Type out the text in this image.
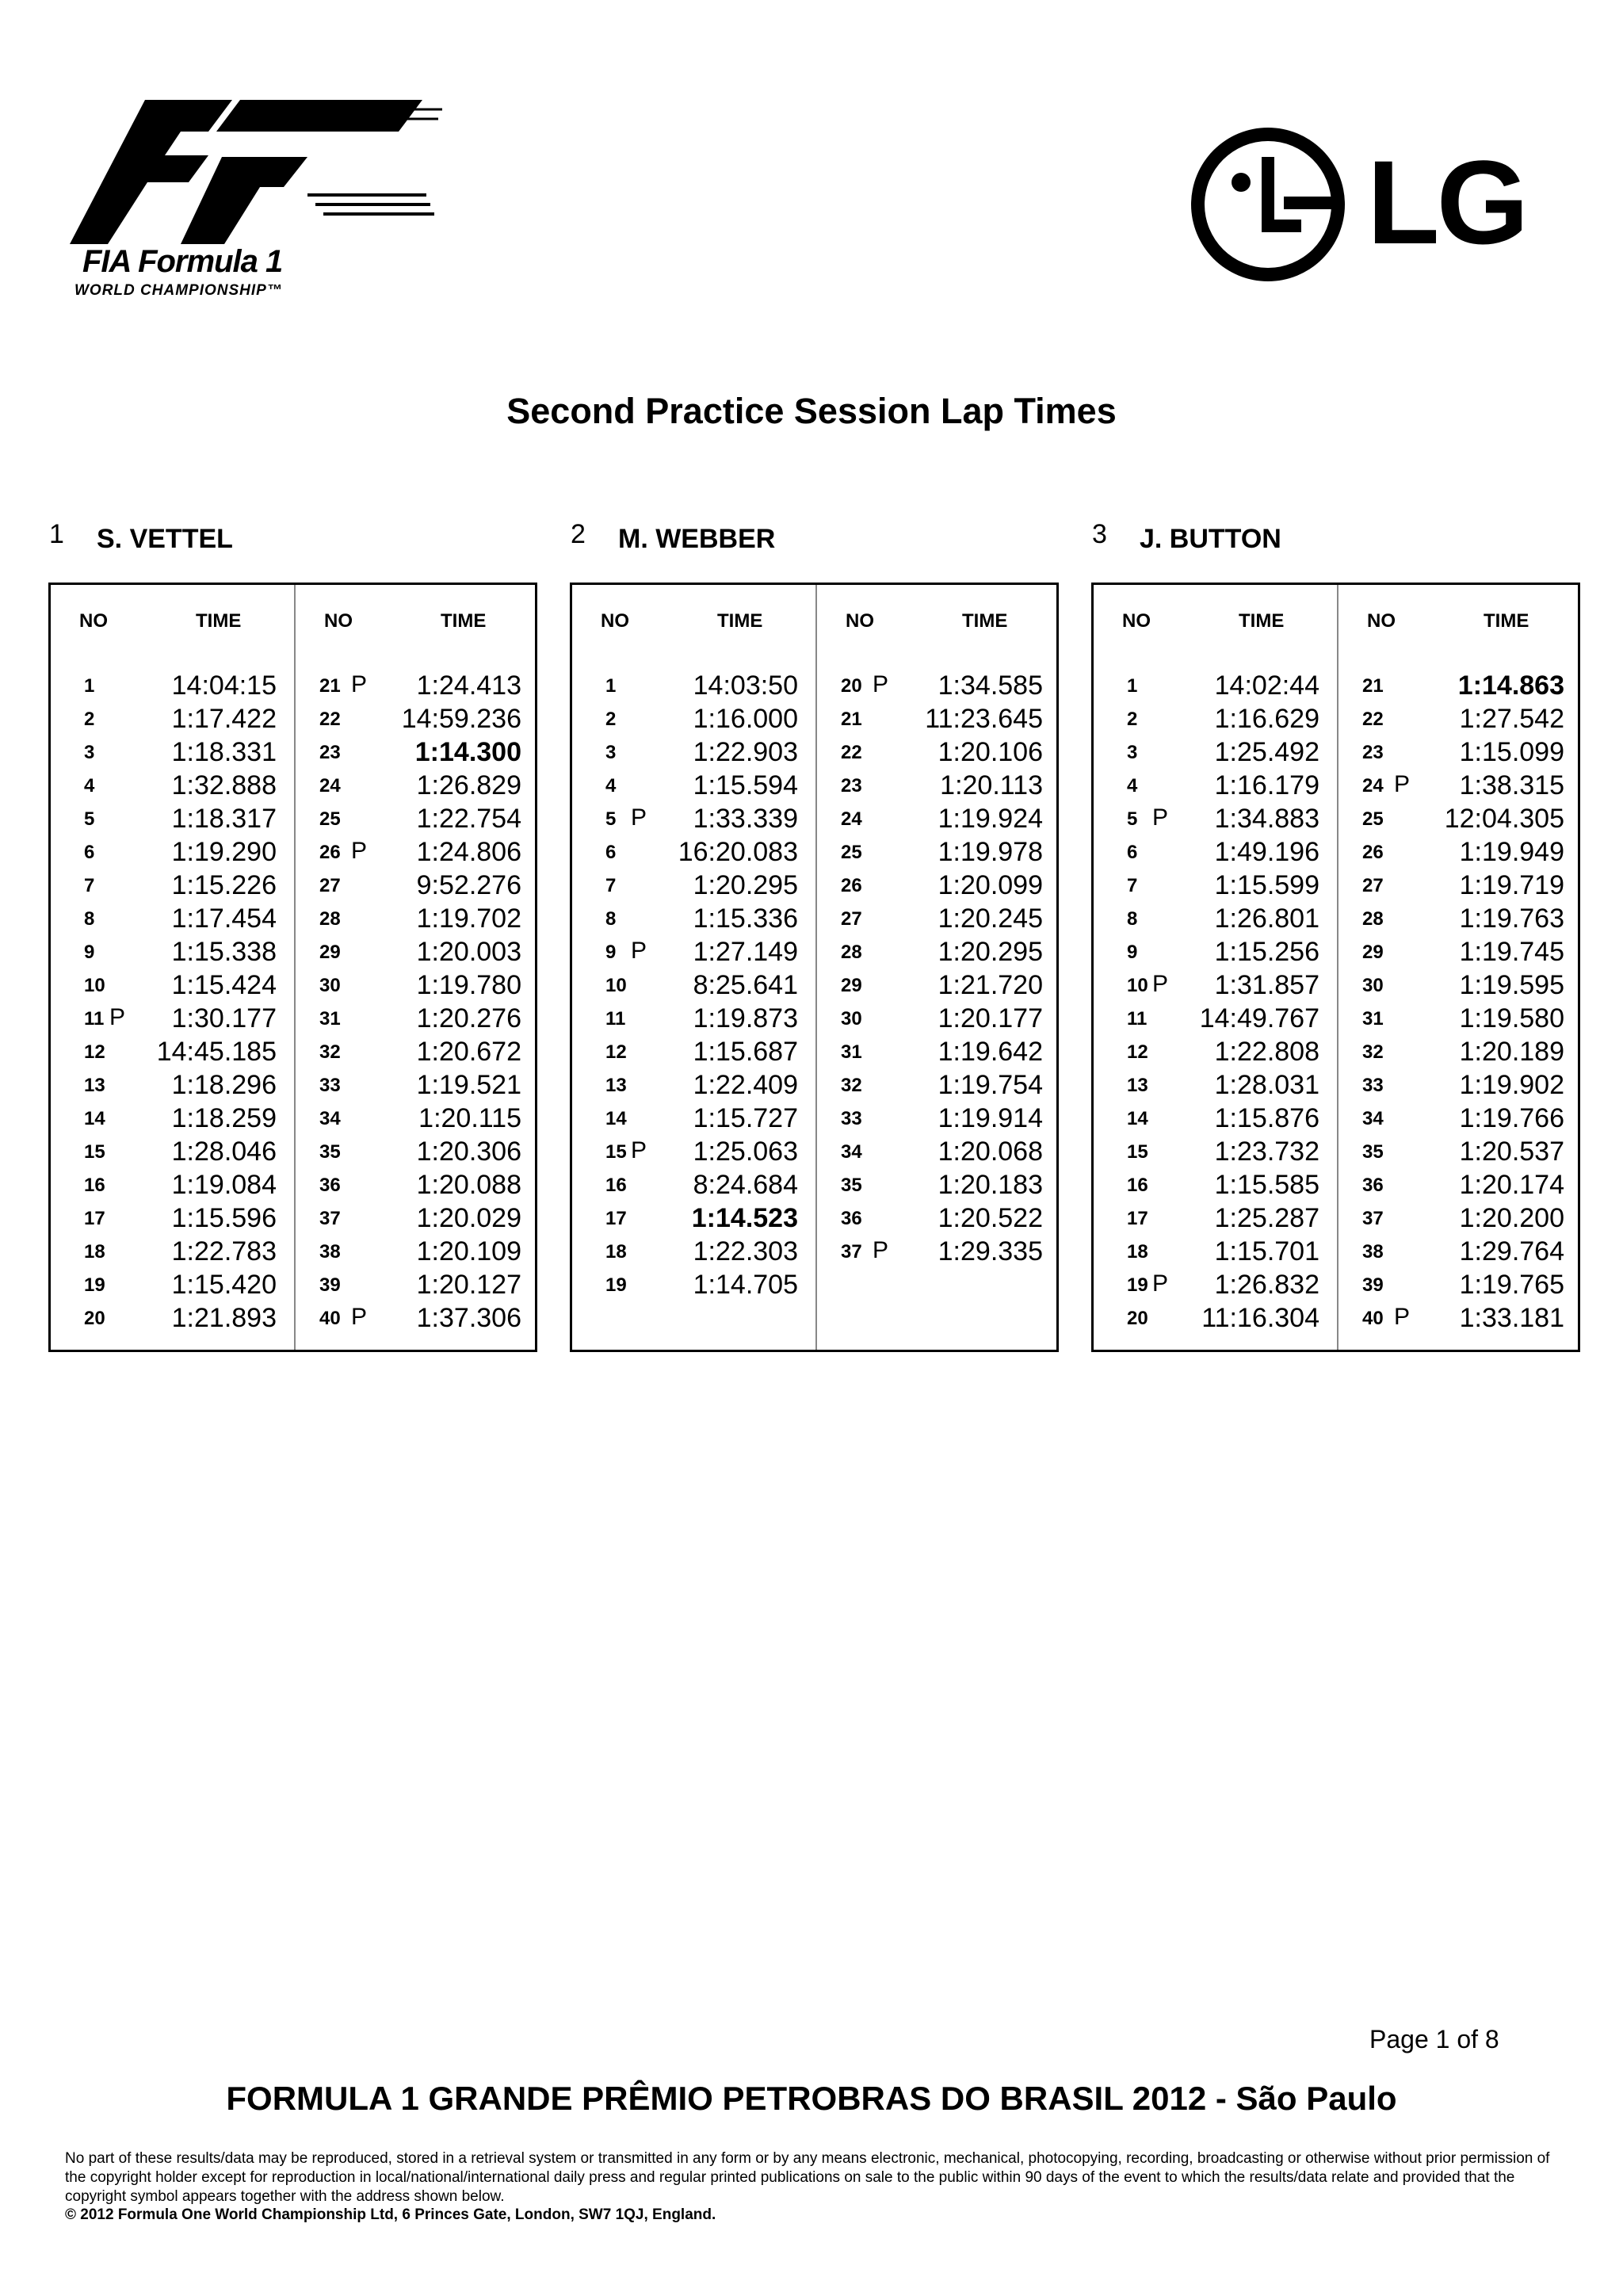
FIA Formula 1
WORLD CHAMPIONSHIP™
LG
Second Practice Session Lap Times
1 S. VETTEL	2 M. WEBBER	3 J. BUTTON
NO	TIME
1	14:04:15
2	1:17.422
3	1:18.331
4	1:32.888
5	1:18.317
6	1:19.290
7	1:15.226
8	1:17.454
9	1:15.338
10 1:15.424
11 P 1:30.177
12 14:45.185
13 1:18.296
14 1:18.259
15 1:28.046
16 1:19.084
17 1:15.596
18 1:22.783
19 1:15.420
20 1:21.893
NO	TIME
21 P 1:24.413
22 14:59.236
23	1:14.300
24	1:26.829
25	1:22.754
26 P 1:24.806
27	9:52.276
28	1:19.702
29	1:20.003
30	1:19.780
31	1:20.276
32	1:20.672
33	1:19.521
34	1:20.115
35	1:20.306
36	1:20.088
37	1:20.029
38	1:20.109
39	1:20.127
40 P 1:37.306
NO	TIME
1	14:03:50
2	1:16.000
3	1:22.903
4	1:15.594
5 P 1:33.339
6 16:20.083
7	1:20.295
8	1:15.336
9 P 1:27.149
10 8:25.641
11	1:19.873
12 1:15.687
13 1:22.409
14 1:15.727
15 P 1:25.063
16 8:24.684
17 1:14.523
18 1:22.303
19 1:14.705
NO	TIME
20 P 1:34.585
21 11:23.645
22	1:20.106
23	1:20.113
24	1:19.924
25	1:19.978
26	1:20.099
27	1:20.245
28	1:20.295
29	1:21.720
30	1:20.177
31	1:19.642
32	1:19.754
33	1:19.914
34	1:20.068
35	1:20.183
36	1:20.522
37 P 1:29.335
NO	TIME
1	14:02:44
2	1:16.629
3	1:25.492
4	1:16.179
5 P 1:34.883
6	1:49.196
7	1:15.599
8	1:26.801
9	1:15.256
10 P 1:31.857
11 14:49.767
12 1:22.808
13 1:28.031
14 1:15.876
15 1:23.732
16 1:15.585
17 1:25.287
18 1:15.701
19 P 1:26.832
20 11:16.304
NO	TIME
21	1:14.863
22	1:27.542
23	1:15.099
24 P 1:38.315
25 12:04.305
26	1:19.949
27	1:19.719
28	1:19.763
29	1:19.745
30	1:19.595
31	1:19.580
32	1:20.189
33	1:19.902
34	1:19.766
35	1:20.537
36	1:20.174
37	1:20.200
38	1:29.764
39	1:19.765
40 P 1:33.181
Page 1 of 8
FORMULA 1 GRANDE PRÊMIO PETROBRAS DO BRASIL 2012 - São Paulo
No part of these results/data may be reproduced, stored in a retrieval system or transmitted in any form or by any means electronic, mechanical, photocopying, recording, broadcasting or otherwise without prior permission of the copyright holder except for reproduction in local/national/international daily press and regular printed publications on sale to the public within 90 days of the event to which the results/data relate and provided that the copyright symbol appears together with the address shown below.
© 2012 Formula One World Championship Ltd, 6 Princes Gate, London, SW7 1QJ, England.
